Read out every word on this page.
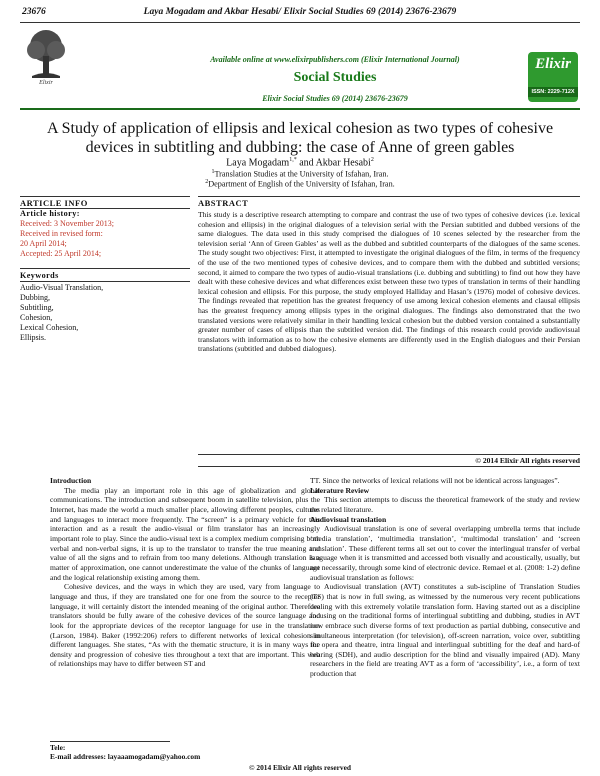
23676	Laya Mogadam and Akbar Hesabi/ Elixir Social Studies 69 (2014) 23676-23679
Elixir
Available online at www.elixirpublishers.com (Elixir International Journal)
Social Studies
Elixir Social Studies 69 (2014) 23676-23679
Elixir
ISSN: 2229-712X
A Study of application of ellipsis and lexical cohesion as two types of cohesive devices in subtitling and dubbing: the case of Anne of green gables
Laya Mogadam$^{1,*}$ and Akbar Hesabi$^2$
$^1$Translation Studies at the University of Isfahan, Iran.
$^2$Department of English of the University of Isfahan, Iran.
ARTICLE INFO
Article history:
Received: 3 November 2013;
Received in revised form:
20 April 2014;
Accepted: 25 April 2014;
Keywords
Audio-Visual Translation,
Dubbing,
Subtitling,
Cohesion,
Lexical Cohesion,
Ellipsis.
ABSTRACT
This study is a descriptive research attempting to compare and contrast the use of two types of cohesive devices (i.e. lexical cohesion and ellipsis) in the original dialogues of a television serial with the Persian subtitled and dubbed versions of the same dialogues. The data used in this study comprised the dialogues of 10 scenes selected by the researcher from the television serial ‘Ann of Green Gables’ as well as the dubbed and subtitled counterparts of the dialogues of the same scenes. The study sought two objectives: First, it attempted to investigate the original dialogues of the film, in terms of the frequency of the use of the two mentioned types of cohesive devices, and to compare them with the dubbed and subtitled versions; second, it aimed to compare the two types of audio-visual translations (i.e. dubbing and subtitling) to find out how they have dealt with these cohesive devices and what differences exist between these two types of translation in terms of their handling lexical cohesion and ellipsis. For this purpose, the study employed Halliday and Hasan’s (1976) model of cohesive devices. The findings revealed that repetition has the greatest frequency of use among lexical cohesion elements and clausal ellipsis has the greatest frequency among ellipsis types in the original dialogues. The findings also demonstrated that the two translated versions were relatively similar in their handling lexical cohesion but the dubbed version contained a substantially greater number of cases of ellipsis than the subtitled version did. The findings of this research could provide audiovisual translators with information as to how the cohesive elements are differently used in the English dialogues and their Persian translations (subtitled and dubbed dialogues).
© 2014 Elixir All rights reserved

Introduction

The media play an important role in this age of globalization and global communications. The introduction and subsequent boom in satellite television, plus the Internet, has made the world a much smaller place, allowing different peoples, cultures and languages to interact more frequently. The “screen” is a primary vehicle for this interaction and as a result the audio-visual or film translator has an increasingly important role to play. Since the audio-visual text is a complex medium comprising both verbal and non-verbal signs, it is up to the translator to transfer the true meaning and value of all the signs and to refrain from too many deletions. Although translation is a matter of approximation, one cannot underestimate the value of the chunks of language and the logical relationship existing among them.

Cohesive devices, and the ways in which they are used, vary from language to language and thus, if they are translated one for one from the source to the receptor language, it will certainly distort the intended meaning of the original author. Therefore translators should be fully aware of the cohesive devices of the source language and look for the appropriate devices of the receptor language for use in the translation (Larson, 1984). Baker (1992:206) refers to different networks of lexical cohesion in different languages. She states, “As with the thematic structure, it is in many ways the density and progression of cohesive ties throughout a text that are important. This web of relationships may have to differ between ST and

TT. Since the networks of lexical relations will not be identical across languages”.

Literature Review

This section attempts to discuss the theoretical framework of the study and review the related literature.

Audiovisual translation

Audiovisual translation is one of several overlapping umbrella terms that include ‘media translation’, ‘multimedia translation’, ‘multimodal translation’ and ‘screen translation’. These different terms all set out to cover the interlingual transfer of verbal language when it is transmitted and accessed both visually and acoustically, usually, but not necessarily, through some kind of electronic device. Remael et al. (2008: 1-2) define audiovisual translation as follows:

Audiovisual translation (AVT) constitutes a sub-iscipline of Translation Studies (TS) that is now in full swing, as witnessed by the numerous very recent publications dealing with this extremely volatile translation form. Having started out as a discipline focusing on the traditional forms of interlingual subtitling and dubbing, studies in AVT now embrace such diverse forms of text production as partial dubbing, consecutive and simultaneous interpretation (for television), off-screen narration, voice over, subtitling for opera and theatre, intra lingual and interlingual subtitling for the deaf and hard-of hearing (SDH), and audio description for the blind and visually impaired (AD). Many researchers in the field are treating AVT as a form of ‘accessibility’, i.e., a form of text production that

Tele:
E-mail addresses: layaaamogadam@yahoo.com
© 2014 Elixir All rights reserved
